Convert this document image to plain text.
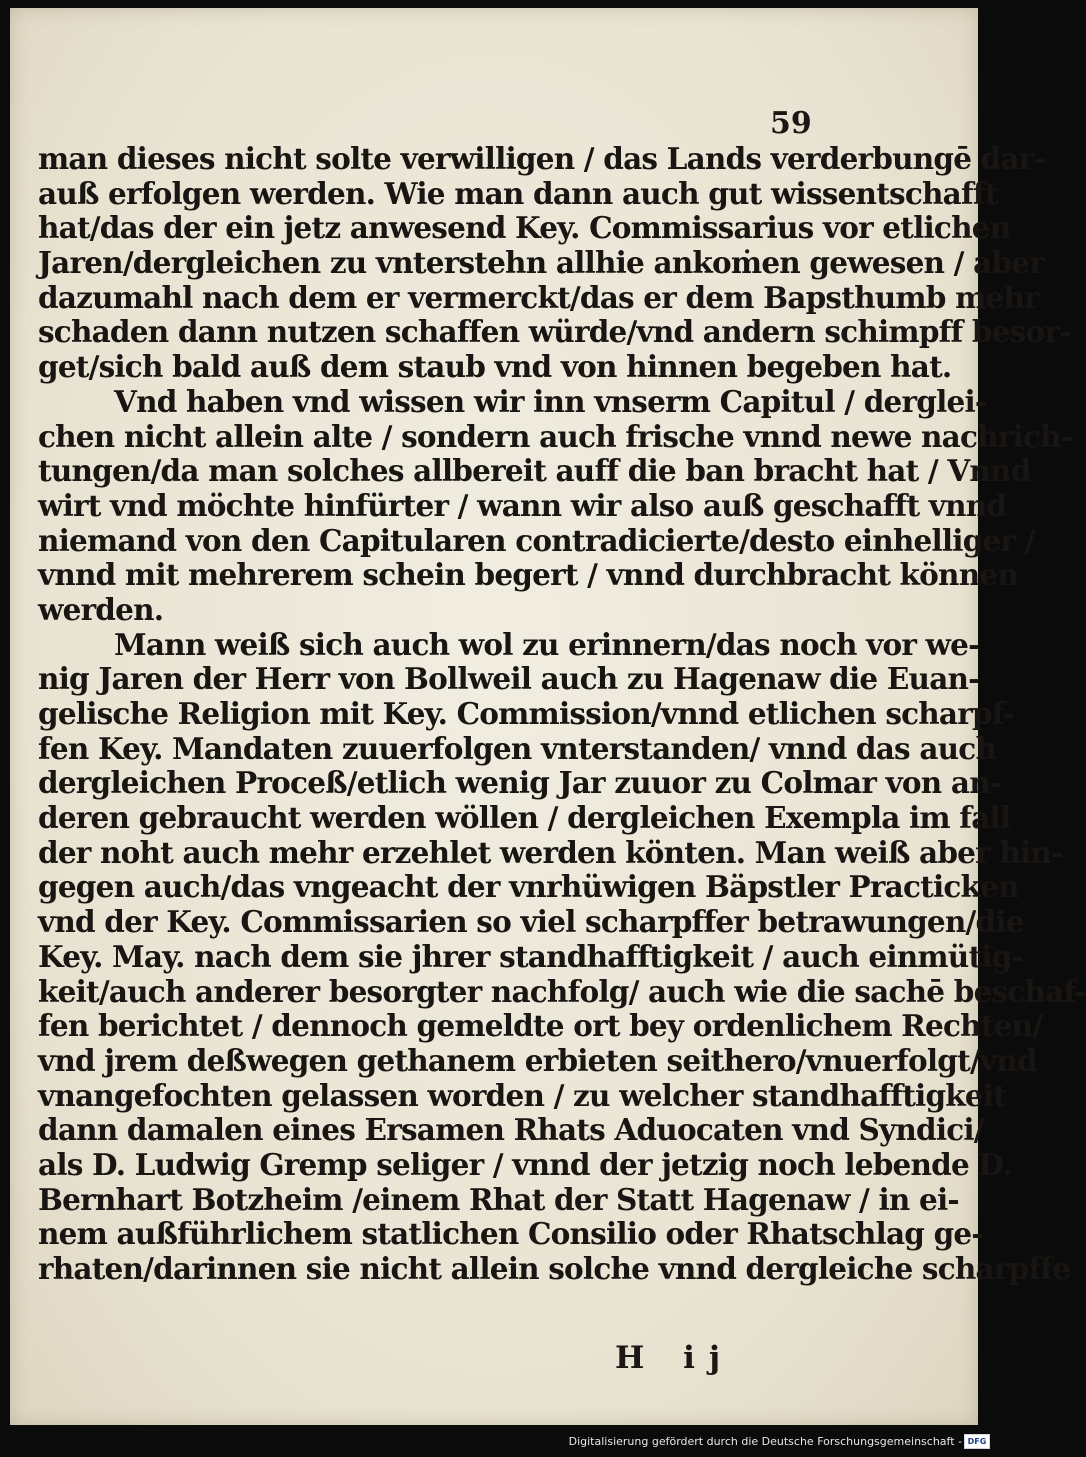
59
man dieses nicht solte verwilligen / das Lands verderbungē dar-
auß erfolgen werden. Wie man dann auch gut wissentschafft
hat/das der ein jetz anwesend Key. Commissarius vor etlichen
Jaren/dergleichen zu vnterstehn allhie ankoṁen gewesen / aber
dazumahl nach dem er vermerckt/das er dem Bapsthumb mehr
schaden dann nutzen schaffen würde/vnd andern schimpff besor-
get/sich bald auß dem staub vnd von hinnen begeben hat.
Vnd haben vnd wissen wir inn vnserm Capitul / derglei-
chen nicht allein alte / sondern auch frische vnnd newe nachrich-
tungen/da man solches allbereit auff die ban bracht hat / Vnnd
wirt vnd möchte hinfürter / wann wir also auß geschafft vnnd
niemand von den Capitularen contradicierte/desto einhelliger /
vnnd mit mehrerem schein begert / vnnd durchbracht können
werden.
Mann weiß sich auch wol zu erinnern/das noch vor we-
nig Jaren der Herr von Bollweil auch zu Hagenaw die Euan-
gelische Religion mit Key. Commission/vnnd etlichen scharpf-
fen Key. Mandaten zuuerfolgen vnterstanden/ vnnd das auch
dergleichen Proceß/etlich wenig Jar zuuor zu Colmar von an-
deren gebraucht werden wöllen / dergleichen Exempla im fall
der noht auch mehr erzehlet werden könten. Man weiß aber hin-
gegen auch/das vngeacht der vnrhüwigen Bäpstler Practicken
vnd der Key. Commissarien so viel scharpffer betrawungen/die
Key. May. nach dem sie jhrer standhafftigkeit / auch einmütig-
keit/auch anderer besorgter nachfolg/ auch wie die sachē beschaf-
fen berichtet / dennoch gemeldte ort bey ordenlichem Rechten/
vnd jrem deßwegen gethanem erbieten seithero/vnuerfolgt/vnd
vnangefochten gelassen worden / zu welcher standhafftigkeit
dann damalen eines Ersamen Rhats Aduocaten vnd Syndici/
als D. Ludwig Gremp seliger / vnnd der jetzig noch lebende D.
Bernhart Botzheim /einem Rhat der Statt Hagenaw / in ei-
nem außführlichem statlichen Consilio oder Rhatschlag ge-
rhaten/darinnen sie nicht allein solche vnnd dergleiche scharpffe
H ij
Digitalisierung gefördert durch die Deutsche Forschungsgemeinschaft - DFG
